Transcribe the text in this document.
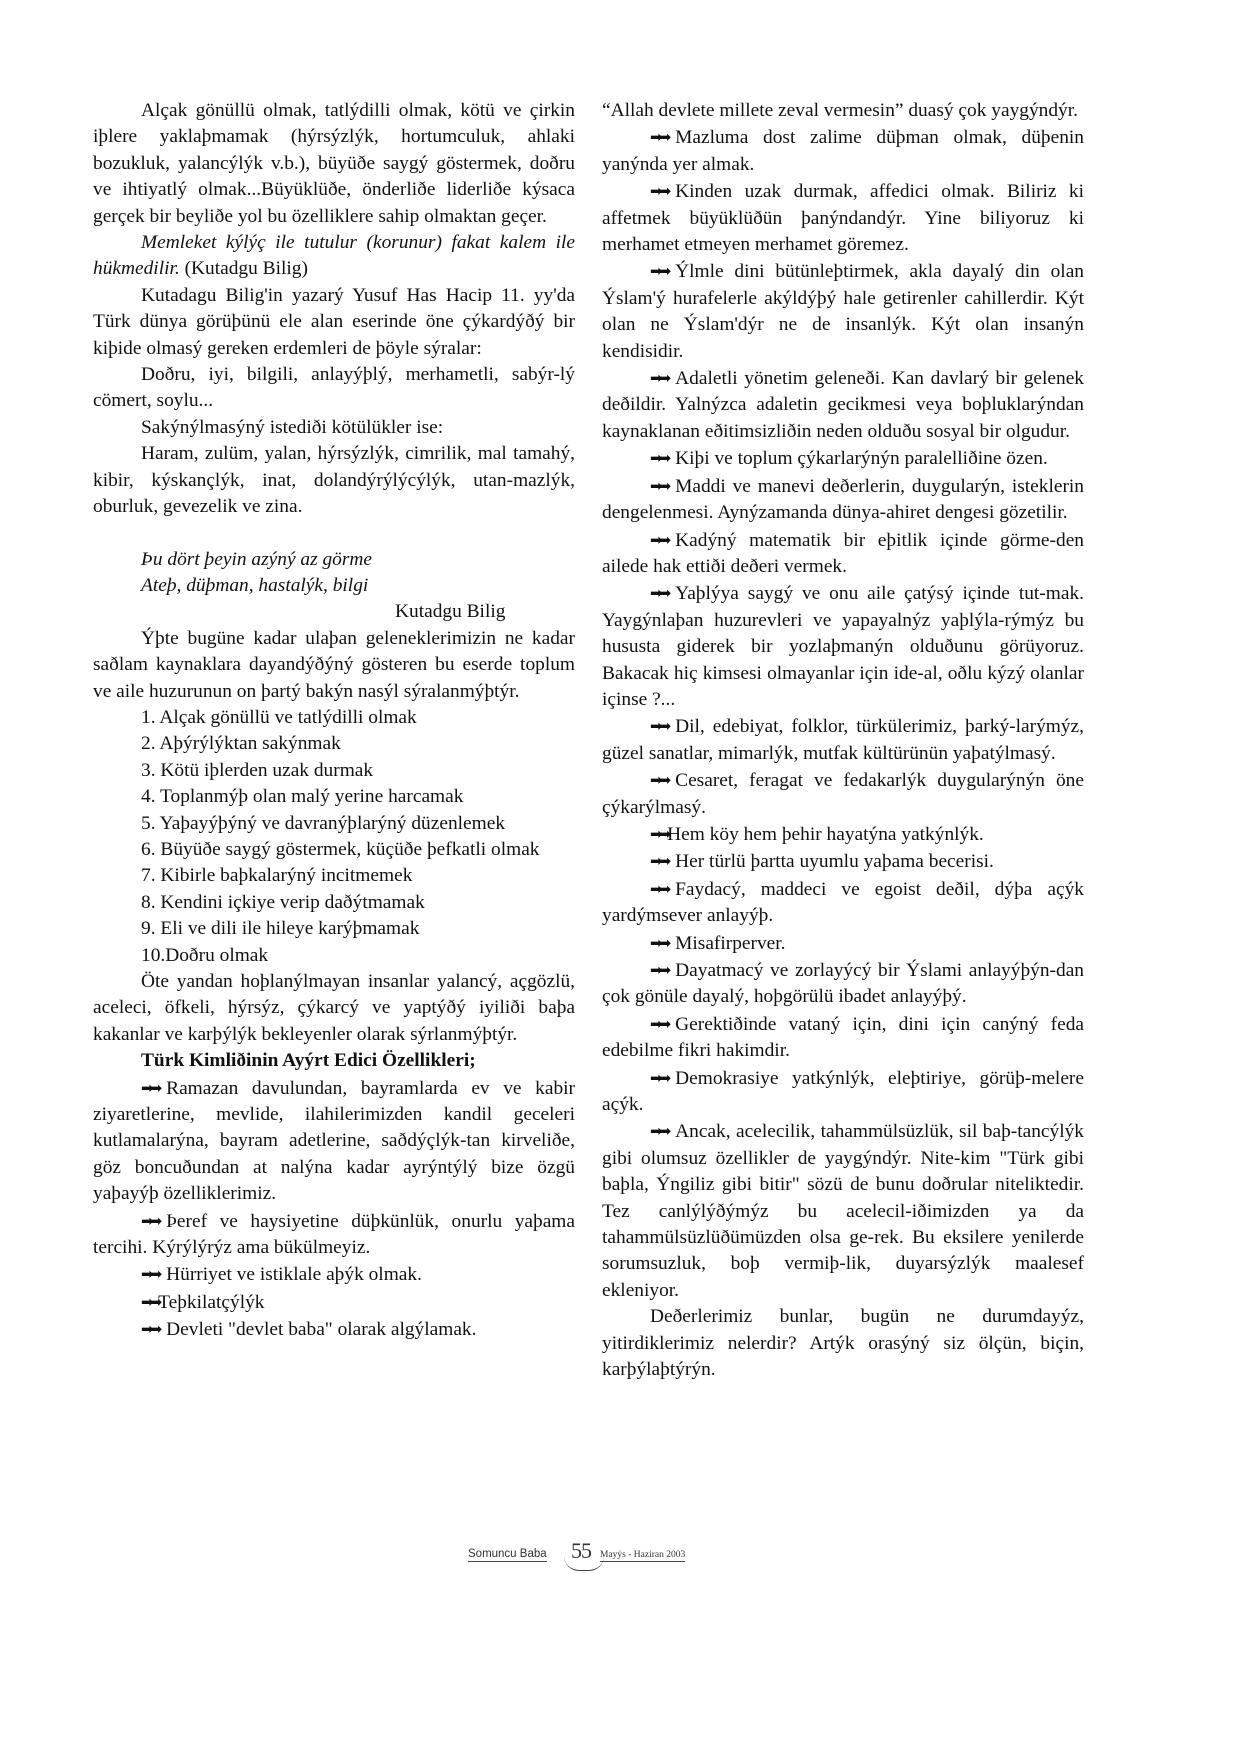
Alçak gönüllü olmak, tatlýdilli olmak, kötü ve çirkin iþlere yaklaþmamak (hýrsýzlýk, hortumculuk, ahlaki bozukluk, yalancýlýk v.b.), büyüðe saygý göstermek, doðru ve ihtiyatlý olmak...Büyüklüðe, önderliðe liderliðe kýsaca gerçek bir beyliðe yol bu özelliklere sahip olmaktan geçer.

Memleket kýlýç ile tutulur (korunur) fakat kalem ile hükmedilir. (Kutadgu Bilig)

Kutadagu Bilig'in yazarý Yusuf Has Hacip 11. yy'da Türk dünya görüþünü ele alan eserinde öne çýkardýðý bir kiþide olmasý gereken erdemleri de þöyle sýralar:

Doðru, iyi, bilgili, anlayýþlý, merhametli, sabýr-lý cömert, soylu...

Sakýnýlmasýný istediði kötülükler ise:

Haram, zulüm, yalan, hýrsýzlýk, cimrilik, mal tamahý, kibir, kýskançlýk, inat, dolandýrýlýcýlýk, utan-mazlýk, oburluk, gevezelik ve zina.

Þu dört þeyin azýný az görme

Ateþ, düþman, hastalýk, bilgi

Kutadgu Bilig

Ýþte bugüne kadar ulaþan geleneklerimizin ne kadar saðlam kaynaklara dayandýðýný gösteren bu eserde toplum ve aile huzurunun on þartý bakýn nasýl sýralanmýþtýr.

1. Alçak gönüllü ve tatlýdilli olmak

2. Aþýrýlýktan sakýnmak

3. Kötü iþlerden uzak durmak

4. Toplanmýþ olan malý yerine harcamak

5. Yaþayýþýný ve davranýþlarýný düzenlemek

6. Büyüðe saygý göstermek, küçüðe þefkatli olmak

7. Kibirle baþkalarýný incitmemek

8. Kendini içkiye verip daðýtmamak

9. Eli ve dili ile hileye karýþmamak

10.Doðru olmak

Öte yandan hoþlanýlmayan insanlar yalancý, açgözlü, aceleci, öfkeli, hýrsýz, çýkarcý ve yaptýðý iyiliði baþa kakanlar ve karþýlýk bekleyenler olarak sýrlanmýþtýr.

Türk Kimliðinin Ayýrt Edici Özellikleri;

➡➡ Ramazan davulundan, bayramlarda ev ve kabir ziyaretlerine, mevlide, ilahilerimizden kandil geceleri kutlamalarýna, bayram adetlerine, saðdýçlýk-tan kirveliðe, göz boncuðundan at nalýna kadar ayrýntýlý bize özgü yaþayýþ özelliklerimiz.

➡➡ Þeref ve haysiyetine düþkünlük, onurlu yaþama tercihi. Kýrýlýrýz ama bükülmeyiz.

➡➡ Hürriyet ve istiklale aþýk olmak.

➡➡Teþkilatçýlýk

➡➡ Devleti "devlet baba" olarak algýlamak.

“Allah devlete millete zeval vermesin” duasý çok yaygýndýr.

➡➡ Mazluma dost zalime düþman olmak, düþenin yanýnda yer almak.

➡➡ Kinden uzak durmak, affedici olmak. Biliriz ki affetmek büyüklüðün þanýndandýr. Yine biliyoruz ki merhamet etmeyen merhamet göremez.

➡➡ Ýlmle dini bütünleþtirmek, akla dayalý din olan Ýslam'ý hurafelerle akýldýþý hale getirenler cahillerdir. Kýt olan ne Ýslam'dýr ne de insanlýk. Kýt olan insanýn kendisidir.

➡➡ Adaletli yönetim geleneði. Kan davlarý bir gelenek deðildir. Yalnýzca adaletin gecikmesi veya boþluklarýndan kaynaklanan eðitimsizliðin neden olduðu sosyal bir olgudur.

➡➡ Kiþi ve toplum çýkarlarýnýn paralelliðine özen.

➡➡ Maddi ve manevi deðerlerin, duygularýn, isteklerin dengelenmesi. Aynýzamanda dünya-ahiret dengesi gözetilir.

➡➡ Kadýný matematik bir eþitlik içinde görme-den ailede hak ettiði deðeri vermek.

➡➡ Yaþlýya saygý ve onu aile çatýsý içinde tut-mak. Yaygýnlaþan huzurevleri ve yapayalnýz yaþlýla-rýmýz bu hususta giderek bir yozlaþmanýn olduðunu görüyoruz. Bakacak hiç kimsesi olmayanlar için ide-al, oðlu kýzý olanlar içinse ?...

➡➡ Dil, edebiyat, folklor, türkülerimiz, þarký-larýmýz, güzel sanatlar, mimarlýk, mutfak kültürünün yaþatýlmasý.

➡➡ Cesaret, feragat ve fedakarlýk duygularýnýn öne çýkarýlmasý.

➡➡Hem köy hem þehir hayatýna yatkýnlýk.

➡➡ Her türlü þartta uyumlu yaþama becerisi.

➡➡ Faydacý, maddeci ve egoist deðil, dýþa açýk yardýmsever anlayýþ.

➡➡ Misafirperver.

➡➡ Dayatmacý ve zorlayýcý bir Ýslami anlayýþýn-dan çok gönüle dayalý, hoþgörülü ibadet anlayýþý.

➡➡ Gerektiðinde vataný için, dini için canýný feda edebilme fikri hakimdir.

➡➡ Demokrasiye yatkýnlýk, eleþtiriye, görüþ-melere açýk.

➡➡ Ancak, acelecilik, tahammülsüzlük, sil baþ-tancýlýk gibi olumsuz özellikler de yaygýndýr. Nite-kim "Türk gibi baþla, Ýngiliz gibi bitir" sözü de bunu doðrular niteliktedir. Tez canlýlýðýmýz bu acelecil-iðimizden ya da tahammülsüzlüðümüzden olsa ge-rek. Bu eksilere yenilerde sorumsuzluk, boþ vermiþ-lik, duyarsýzlýk maalesef ekleniyor.

Deðerlerimiz bunlar, bugün ne durumdayýz, yitirdiklerimiz nelerdir? Artýk orasýný siz ölçün, biçin, karþýlaþtýrýn.

Somuncu Baba 55 Mayýs - Haziran 2003
